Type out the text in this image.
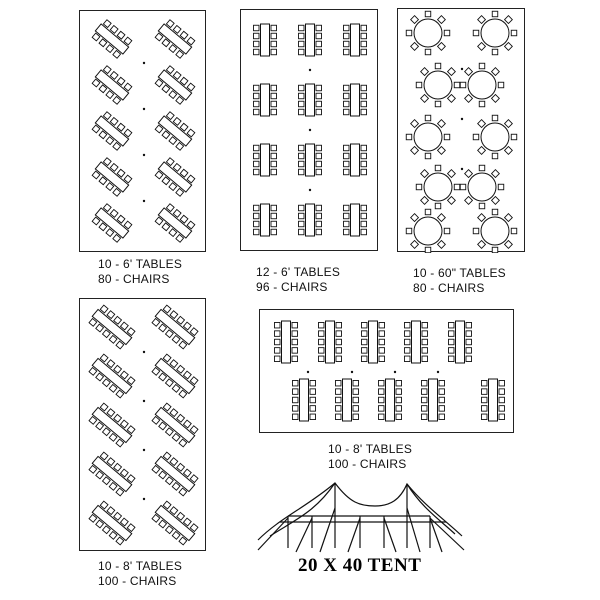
10 - 6' TABLES
80 - CHAIRS	12 - 6' TABLES
96 - CHAIRS
10 - 60" TABLES
80 - CHAIRS
10 - 8' TABLES
100 - CHAIRS
10 - 8' TABLES
100 - CHAIRS
20 X 40 TENT
